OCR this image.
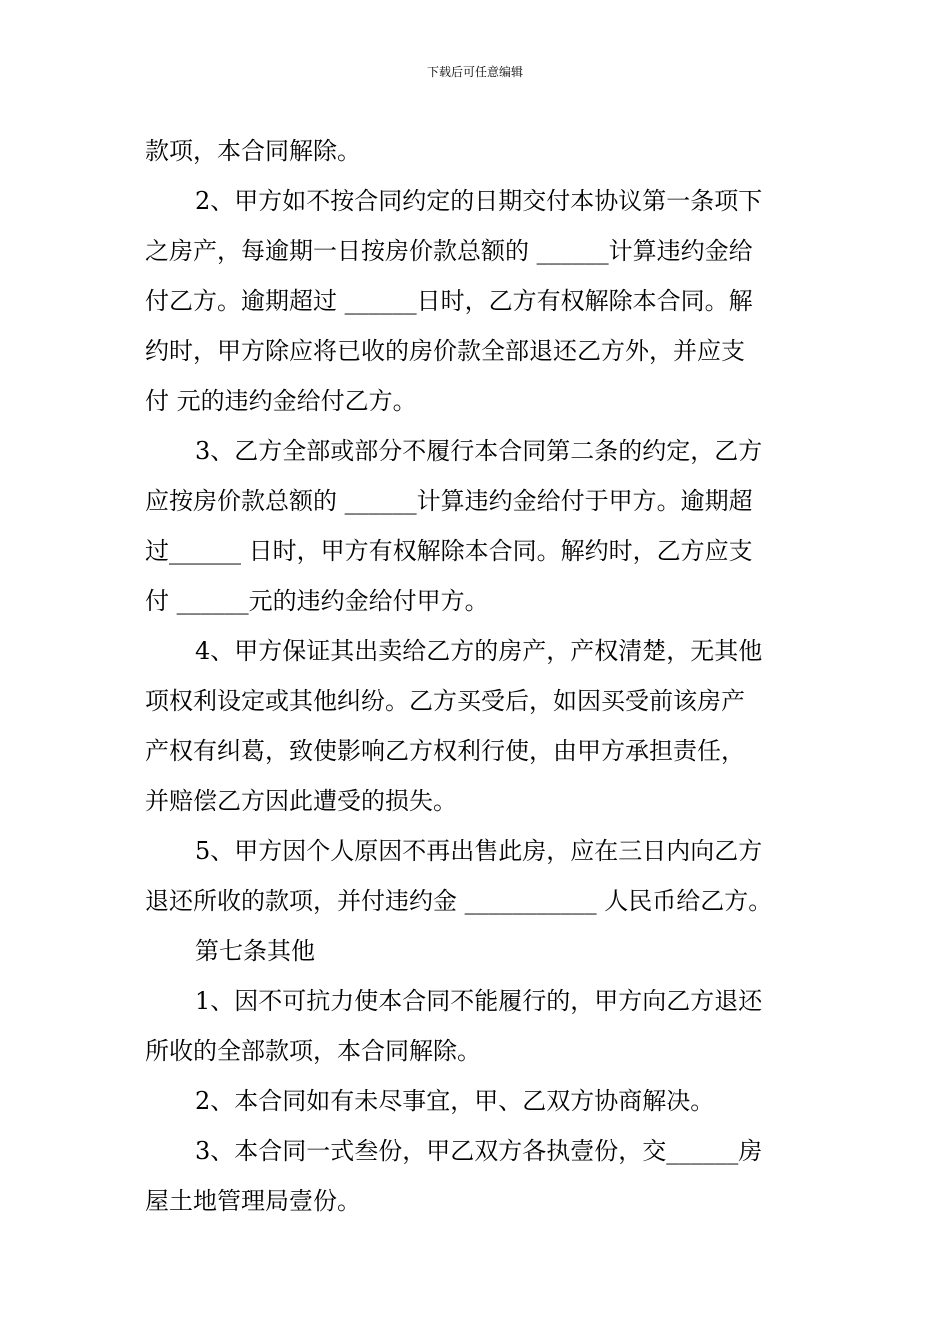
下载后可任意编辑
款项，本合同解除。
2、甲方如不按合同约定的日期交付本协议第一条项下
之房产，每逾期一日按房价款总额的 ______计算违约金给
付乙方。逾期超过 ______日时，乙方有权解除本合同。解
约时，甲方除应将已收的房价款全部退还乙方外，并应支
付 元的违约金给付乙方。
3、乙方全部或部分不履行本合同第二条的约定，乙方
应按房价款总额的 ______计算违约金给付于甲方。逾期超
过______ 日时，甲方有权解除本合同。解约时，乙方应支
付 ______元的违约金给付甲方。
4、甲方保证其出卖给乙方的房产，产权清楚，无其他
项权利设定或其他纠纷。乙方买受后，如因买受前该房产
产权有纠葛，致使影响乙方权利行使，由甲方承担责任，
并赔偿乙方因此遭受的损失。
5、甲方因个人原因不再出售此房，应在三日内向乙方
退还所收的款项，并付违约金 ___________ 人民币给乙方。
第七条其他
1、因不可抗力使本合同不能履行的，甲方向乙方退还
所收的全部款项，本合同解除。
2、本合同如有未尽事宜，甲、乙双方协商解决。
3、本合同一式叁份，甲乙双方各执壹份，交______房
屋土地管理局壹份。
